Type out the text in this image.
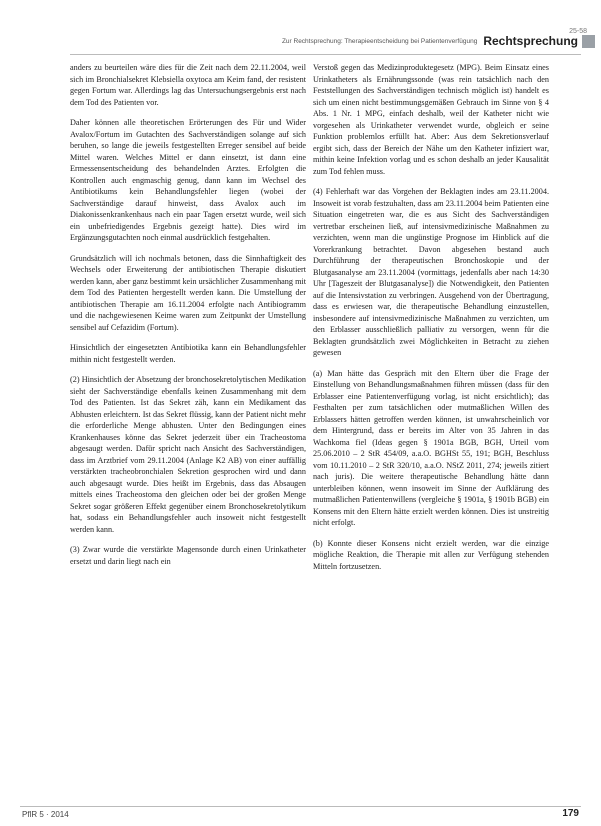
25-58
Zur Rechtsprechung: Therapieentscheidung bei Patientenverfügung Rechtsprechung

anders zu beurteilen wäre dies für die Zeit nach dem 22.11.2004, weil sich im Bronchialsekret Klebsiella oxytoca am Keim fand, der resistent gegen Fortum war. Allerdings lag das Untersuchungsergebnis erst nach dem Tod des Patienten vor.

Daher können alle theoretischen Erörterungen des Für und Wider Avalox/Fortum im Gutachten des Sachverständigen solange auf sich beruhen, so lange die jeweils festgestellten Erreger sensibel auf beide Mittel waren. Welches Mittel er dann einsetzt, ist dann eine Ermessensentscheidung des behandelnden Arztes. Erfolgten die Kontrollen auch engmaschig genug, dann kann im Wechsel des Antibiotikums kein Behandlungsfehler liegen (wobei der Sachverständige darauf hinweist, dass Avalox auch im Diakonissenkrankenhaus nach ein paar Tagen ersetzt wurde, weil sich ein unbefriedigendes Ergebnis gezeigt hatte). Dies wird im Ergänzungsgutachten noch einmal ausdrücklich festgehalten.

Grundsätzlich will ich nochmals betonen, dass die Sinnhaftigkeit des Wechsels oder Erweiterung der antibiotischen Therapie diskutiert werden kann, aber ganz bestimmt kein ursächlicher Zusammenhang mit dem Tod des Patienten hergestellt werden kann. Die Umstellung der antibiotischen Therapie am 16.11.2004 erfolgte nach Antibiogramm und die nachgewiesenen Keime waren zum Zeitpunkt der Umstellung sensibel auf Cefazidim (Fortum).

Hinsichtlich der eingesetzten Antibiotika kann ein Behandlungsfehler mithin nicht festgestellt werden.

(2) Hinsichtlich der Absetzung der bronchosekretolytischen Medikation sieht der Sachverständige ebenfalls keinen Zusammenhang mit dem Tod des Patienten. Ist das Sekret zäh, kann ein Medikament das Abhusten erleichtern. Ist das Sekret flüssig, kann der Patient nicht mehr die erforderliche Menge abhusten. Unter den Bedingungen eines Krankenhauses könne das Sekret jederzeit über ein Tracheostoma abgesaugt werden. Dafür spricht nach Ansicht des Sachverständigen, dass im Arztbrief vom 29.11.2004 (Anlage K2 AB) von einer auffällig verstärkten tracheobronchialen Sekretion gesprochen wird und dann auch abgesaugt wurde. Dies heißt im Ergebnis, dass das Absaugen mittels eines Tracheostoma den gleichen oder bei der großen Menge Sekret sogar größeren Effekt gegenüber einem Bronchosekretolytikum hat, sodass ein Behandlungsfehler auch insoweit nicht festgestellt werden kann.

(3) Zwar wurde die verstärkte Magensonde durch einen Urinkatheter ersetzt und darin liegt nach ein

Verstoß gegen das Medizinproduktegesetz (MPG). Beim Einsatz eines Urinkatheters als Ernährungssonde (was rein tatsächlich nach den Feststellungen des Sachverständigen technisch möglich ist) handelt es sich um einen nicht bestimmungsgemäßen Gebrauch im Sinne von § 4 Abs. 1 Nr. 1 MPG, einfach deshalb, weil der Katheter nicht wie vorgesehen als Urinkatheter verwendet wurde, obgleich er seine Funktion problemlos erfüllt hat. Aber: Aus dem Sekretionsverlauf ergibt sich, dass der Bereich der Nähe um den Katheter infiziert war, mithin keine Infektion vorlag und es schon deshalb an jeder Kausalität zum Tod fehlen muss.

(4) Fehlerhaft war das Vorgehen der Beklagten indes am 23.11.2004. Insoweit ist vorab festzuhalten, dass am 23.11.2004 beim Patienten eine Situation eingetreten war, die es aus Sicht des Sachverständigen vertretbar erscheinen ließ, auf intensivmedizinische Maßnahmen zu verzichten, wenn man die ungünstige Prognose im Hinblick auf die Vorerkrankung betrachtet. Davon abgesehen bestand auch Durchführung der therapeutischen Bronchoskopie und der Blutgasanalyse am 23.11.2004 (vormittags, jedenfalls aber nach 14:30 Uhr [Tageszeit der Blutgasanalyse]) die Notwendigkeit, den Patienten auf die Intensivstation zu verbringen. Ausgehend von der Übertragung, dass es erwiesen war, die therapeutische Behandlung einzustellen, insbesondere auf intensivmedizinische Maßnahmen zu verzichten, um den Erblasser ausschließlich palliativ zu versorgen, wenn für die Beklagten grundsätzlich zwei Möglichkeiten in Betracht zu ziehen gewesen

(a) Man hätte das Gespräch mit den Eltern über die Frage der Einstellung von Behandlungsmaßnahmen führen müssen (dass für den Erblasser eine Patientenverfügung vorlag, ist nicht ersichtlich); das Festhalten per zum tatsächlichen oder mutmaßlichen Willen des Erblassers hätten getroffen werden können, ist unwahrscheinlich vor dem Hintergrund, dass er bereits im Alter von 35 Jahren in das Wachkoma fiel (Ideas gegen § 1901a BGB, BGH, Urteil vom 25.06.2010 – 2 StR 454/09, a.a.O. BGHSt 55, 191; BGH, Beschluss vom 10.11.2010 – 2 StR 320/10, a.a.O. NStZ 2011, 274; jeweils zitiert nach juris). Die weitere therapeutische Behandlung hätte dann unterbleiben können, wenn insoweit im Sinne der Aufklärung des mutmaßlichen Patientenwillens (vergleiche § 1901a, § 1901b BGB) ein Konsens mit den Eltern hätte erzielt werden können. Dies ist unstreitig nicht erfolgt.

(b) Konnte dieser Konsens nicht erzielt werden, war die einzige mögliche Reaktion, die Therapie mit allen zur Verfügung stehenden Mitteln fortzusetzen.

PflR 5 · 2014	179
